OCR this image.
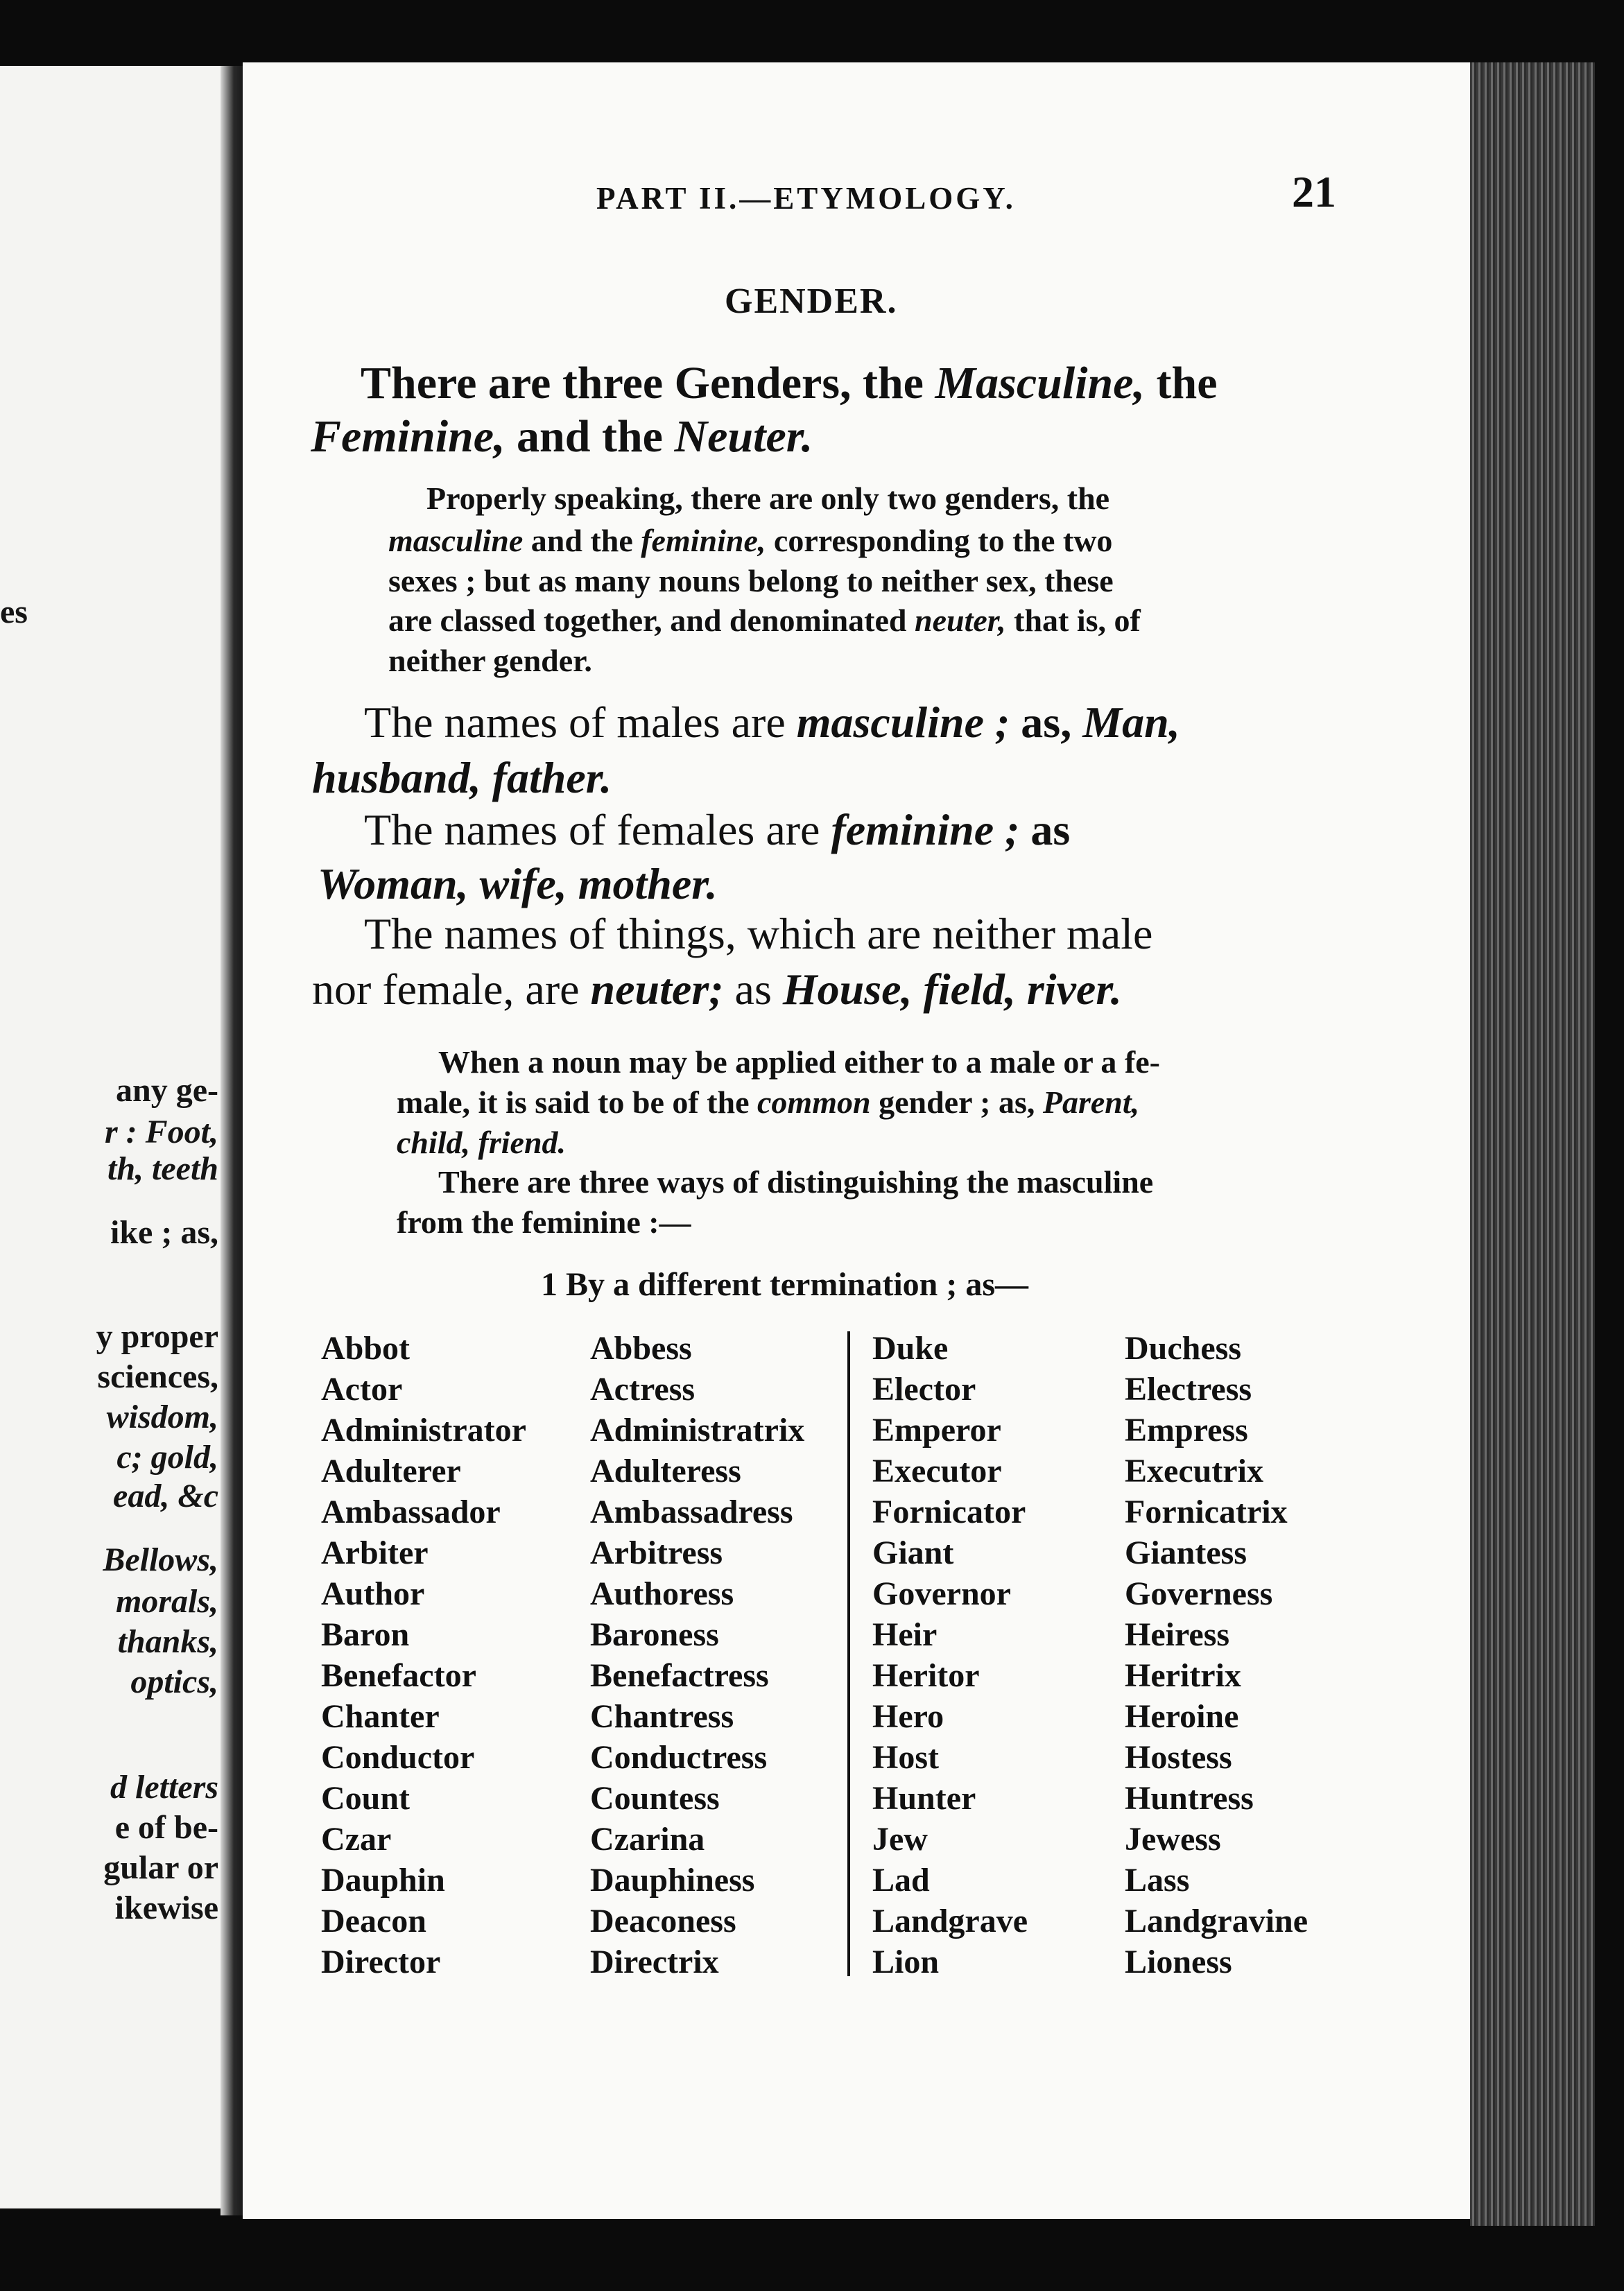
es
any ge-
r : Foot,
th, teeth
ike ; as,
y proper
sciences,
wisdom,
c; gold,
ead, &c
Bellows,
morals,
thanks,
optics,
d letters
e of be-
gular or
ikewise
PART II.—ETYMOLOGY.	21
GENDER.
There are three Genders, the Masculine, the
Feminine, and the Neuter.
Properly speaking, there are only two genders, the
masculine and the feminine, corresponding to the two
sexes ; but as many nouns belong to neither sex, these
are classed together, and denominated neuter, that is, of
neither gender.
The names of males are masculine ; as, Man,
husband, father.
The names of females are feminine ; as
Woman, wife, mother.
The names of things, which are neither male
nor female, are neuter; as House, field, river.
When a noun may be applied either to a male or a fe-
male, it is said to be of the common gender ; as, Parent,
child, friend.
There are three ways of distinguishing the masculine
from the feminine :—
1 By a different termination ; as—
Abbot
Actor
Administrator
Adulterer
Ambassador
Arbiter
Author
Baron
Benefactor
Chanter
Conductor
Count
Czar
Dauphin
Deacon
Director
Abbess
Actress
Administratrix
Adulteress
Ambassadress
Arbitress
Authoress
Baroness
Benefactress
Chantress
Conductress
Countess
Czarina
Dauphiness
Deaconess
Directrix
Duke
Elector
Emperor
Executor
Fornicator
Giant
Governor
Heir
Heritor
Hero
Host
Hunter
Jew
Lad
Landgrave
Lion
Duchess
Electress
Empress
Executrix
Fornicatrix
Giantess
Governess
Heiress
Heritrix
Heroine
Hostess
Huntress
Jewess
Lass
Landgravine
Lioness
